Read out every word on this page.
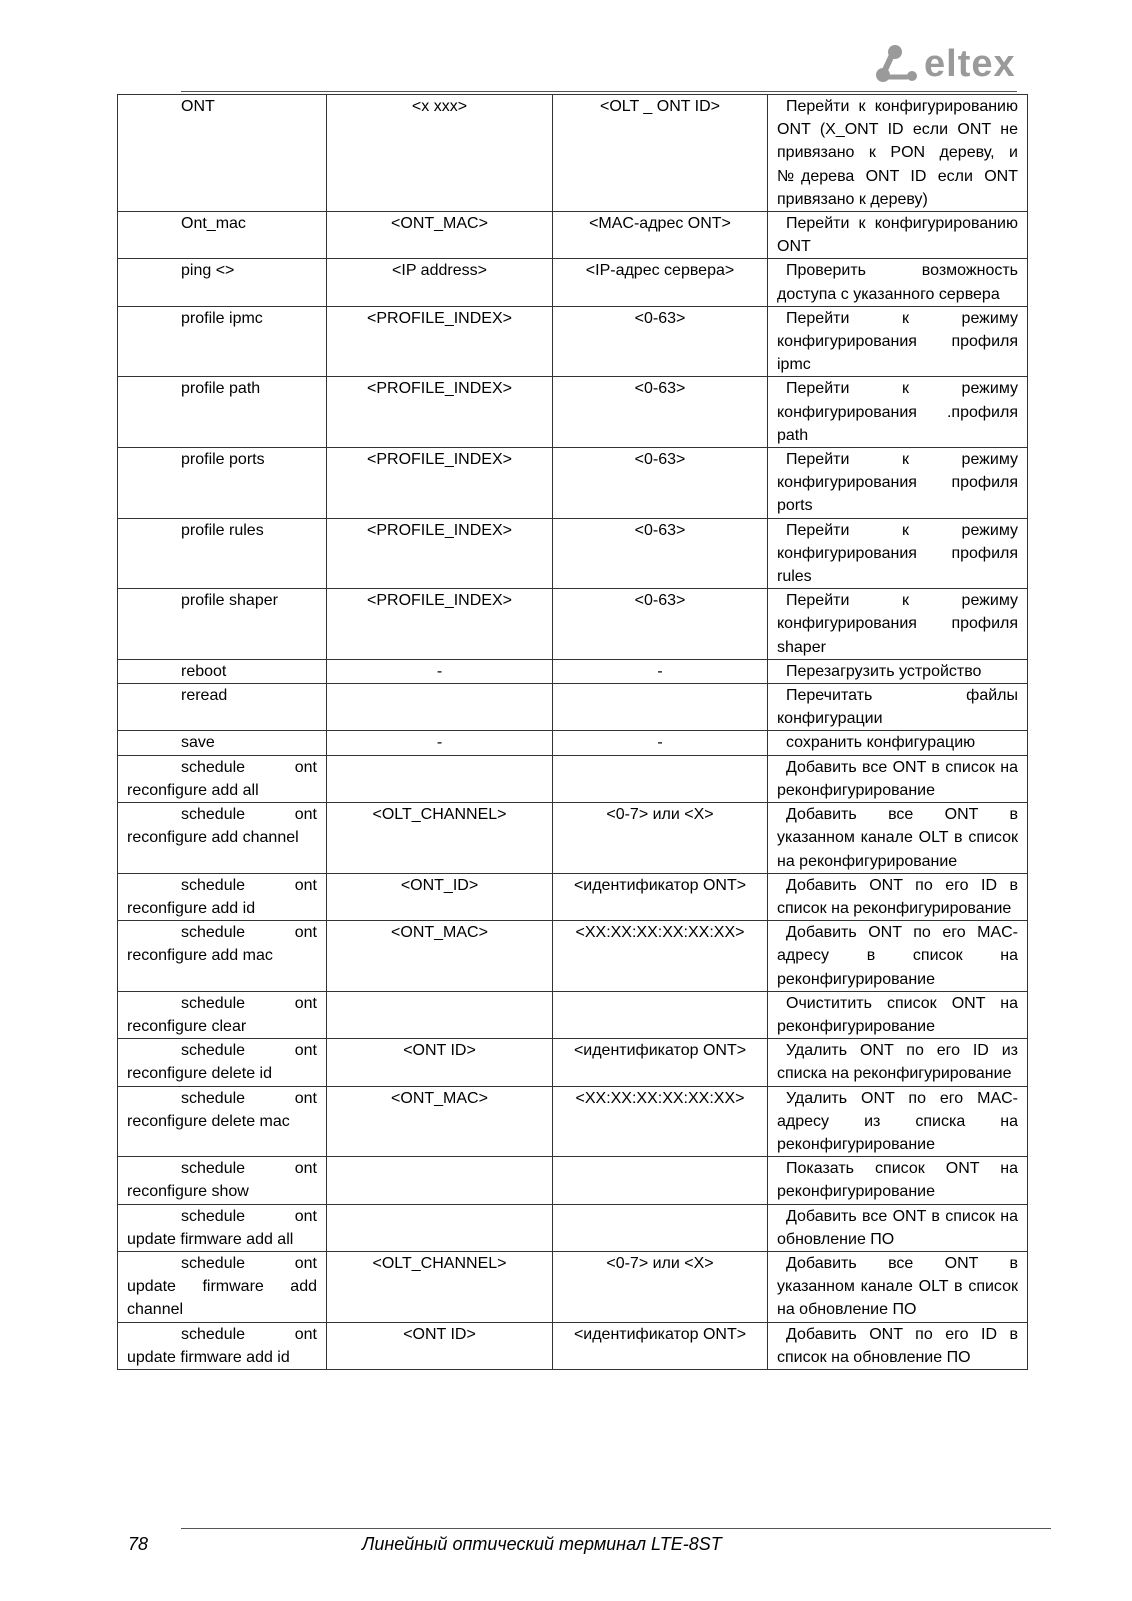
eltex
ONT	<x xxx>	<OLT _ ONT ID>	Перейти к конфигурированию ONT (X_ONT ID если ONT не привязано к PON дереву, и №дерева ONT ID если ONT привязано к дереву)
Ont_mac	<ONT_MAC>	<MAC-адрес ONT>	Перейти к конфигурированию ONT
ping <>	<IP address>	<IP-адрес сервера>	Проверить возможность доступа с указанного сервера
profile ipmc	<PROFILE_INDEX>	<0-63>	Перейти к режиму конфигурирования профиля ipmc
profile path	<PROFILE_INDEX>	<0-63>	Перейти к режиму конфигурирования .профиля path
profile ports	<PROFILE_INDEX>	<0-63>	Перейти к режиму конфигурирования профиля ports
profile rules	<PROFILE_INDEX>	<0-63>	Перейти к режиму конфигурирования профиля rules
profile shaper	<PROFILE_INDEX>	<0-63>	Перейти к режиму конфигурирования профиля shaper
reboot	-	-	Перезагрузить устройство
reread			Перечитать файлы конфигурации
save	-	-	сохранить конфигурацию
schedule ont reconfigure add all			Добавить все ONT в список на реконфигурирование
schedule ont reconfigure add channel	<OLT_CHANNEL>	<0-7> или <X>	Добавить все ONT в указанном канале OLT в список на реконфигурирование
schedule ont reconfigure add id	<ONT_ID>	<идентификатор ONT>	Добавить ONT по его ID в список на реконфигурирование
schedule ont reconfigure add mac	<ONT_MAC>	<XX:XX:XX:XX:XX:XX>	Добавить ONT по его MAC-адресу в список на реконфигурирование
schedule ont reconfigure clear			Очиститить список ONT на реконфигурирование
schedule ont reconfigure delete id	<ONT ID>	<идентификатор ONT>	Удалить ONT по его ID из списка на реконфигурирование
schedule ont reconfigure delete mac	<ONT_MAC>	<XX:XX:XX:XX:XX:XX>	Удалить ONT по его MAC-адресу из списка на реконфигурирование
schedule ont reconfigure show			Показать список ONT на реконфигурирование
schedule ont update firmware add all			Добавить все ONT в список на обновление ПО
schedule ont update firmware add channel	<OLT_CHANNEL>	<0-7> или <X>	Добавить все ONT в указанном канале OLT в список на обновление ПО
schedule ont update firmware add id	<ONT ID>	<идентификатор ONT>	Добавить ONT по его ID в список на обновление ПО
78	Линейный оптический терминал LTE-8ST
